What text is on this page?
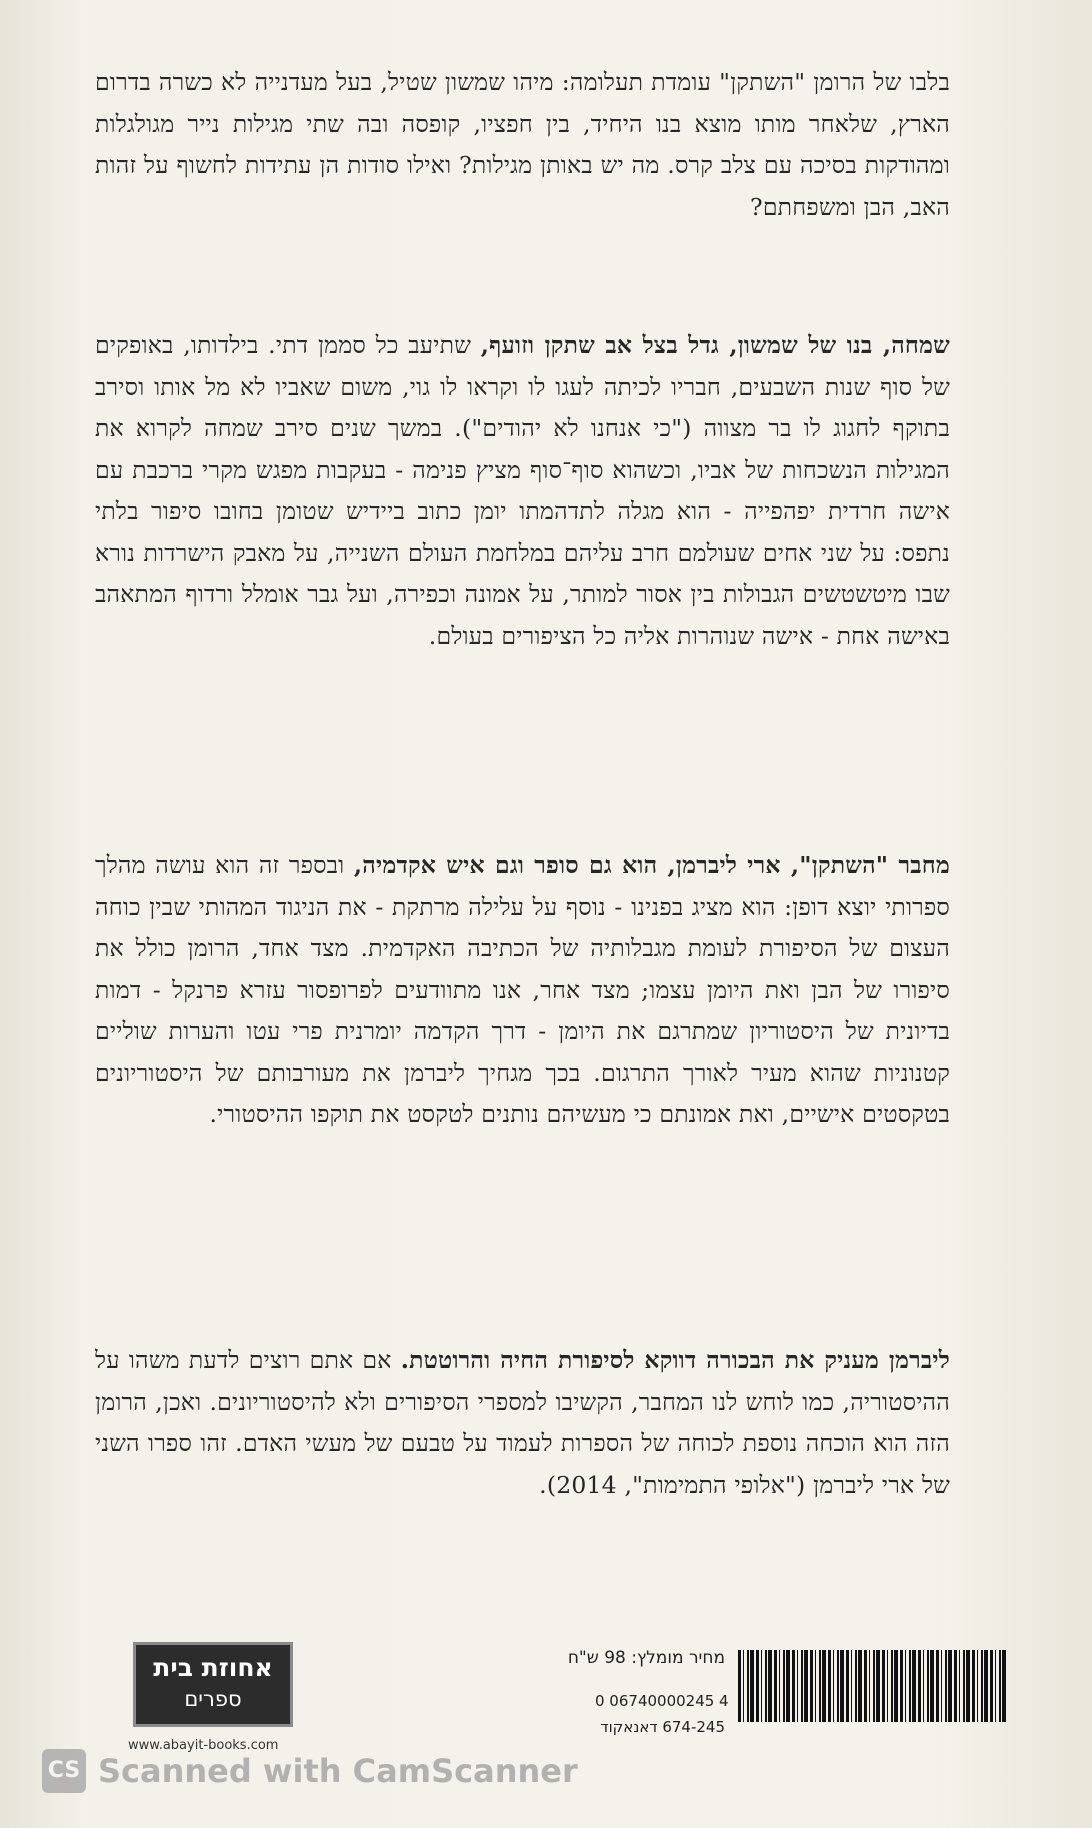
בלבו של הרומן "השתקן" עומדת תעלומה: מיהו שמשון שטיל, בעל מעדנייה לא כשרה בדרום הארץ, שלאחר מותו מוצא בנו היחיד, בין חפציו, קופסה ובה שתי מגילות נייר מגולגלות ומהודקות בסיכה עם צלב קרס. מה יש באותן מגילות? ואילו סודות הן עתידות לחשוף על זהות האב, הבן ומשפחתם?

שמחה, בנו של שמשון, גדל בצל אב שתקן וזועף, שתיעב כל סממן דתי. בילדותו, באופקים של סוף שנות השבעים, חבריו לכיתה לעגו לו וקראו לו גוי, משום שאביו לא מל אותו וסירב בתוקף לחגוג לו בר מצווה ("כי אנחנו לא יהודים"). במשך שנים סירב שמחה לקרוא את המגילות הנשכחות של אביו, וכשהוא סוף־סוף מציץ פנימה - בעקבות מפגש מקרי ברכבת עם אישה חרדית יפהפייה - הוא מגלה לתדהמתו יומן כתוב ביידיש שטומן בחובו סיפור בלתי נתפס: על שני אחים שעולמם חרב עליהם במלחמת העולם השנייה, על מאבק הישרדות נורא שבו מיטשטשים הגבולות בין אסור למותר, על אמונה וכפירה, ועל גבר אומלל ורדוף המתאהב באישה אחת - אישה שנוהרות אליה כל הציפורים בעולם.

מחבר "השתקן", ארי ליברמן, הוא גם סופר וגם איש אקדמיה, ובספר זה הוא עושה מהלך ספרותי יוצא דופן: הוא מציג בפנינו - נוסף על עלילה מרתקת - את הניגוד המהותי שבין כוחה העצום של הסיפורת לעומת מגבלותיה של הכתיבה האקדמית. מצד אחד, הרומן כולל את סיפורו של הבן ואת היומן עצמו; מצד אחר, אנו מתוודעים לפרופסור עזרא פרנקל - דמות בדיונית של היסטוריון שמתרגם את היומן - דרך הקדמה יומרנית פרי עטו והערות שוליים קטנוניות שהוא מעיר לאורך התרגום. בכך מגחיך ליברמן את מעורבותם של היסטוריונים בטקסטים אישיים, ואת אמונתם כי מעשיהם נותנים לטקסט את תוקפו ההיסטורי.

ליברמן מעניק את הבכורה דווקא לסיפורת החיה והרוטטת. אם אתם רוצים לדעת משהו על ההיסטוריה, כמו לוחש לנו המחבר, הקשיבו למספרי הסיפורים ולא להיסטוריונים. ואכן, הרומן הזה הוא הוכחה נוספת לכוחה של הספרות לעמוד על טבעם של מעשי האדם. זהו ספרו השני של ארי ליברמן ("אלופי התמימות", 2014).

אחוזת בית
ספרים
www.abayit-books.com
מחיר מומלץ: 98 ש"ח
0 06740000245 4
674-245 דאנאקוד
CS Scanned with CamScanner
